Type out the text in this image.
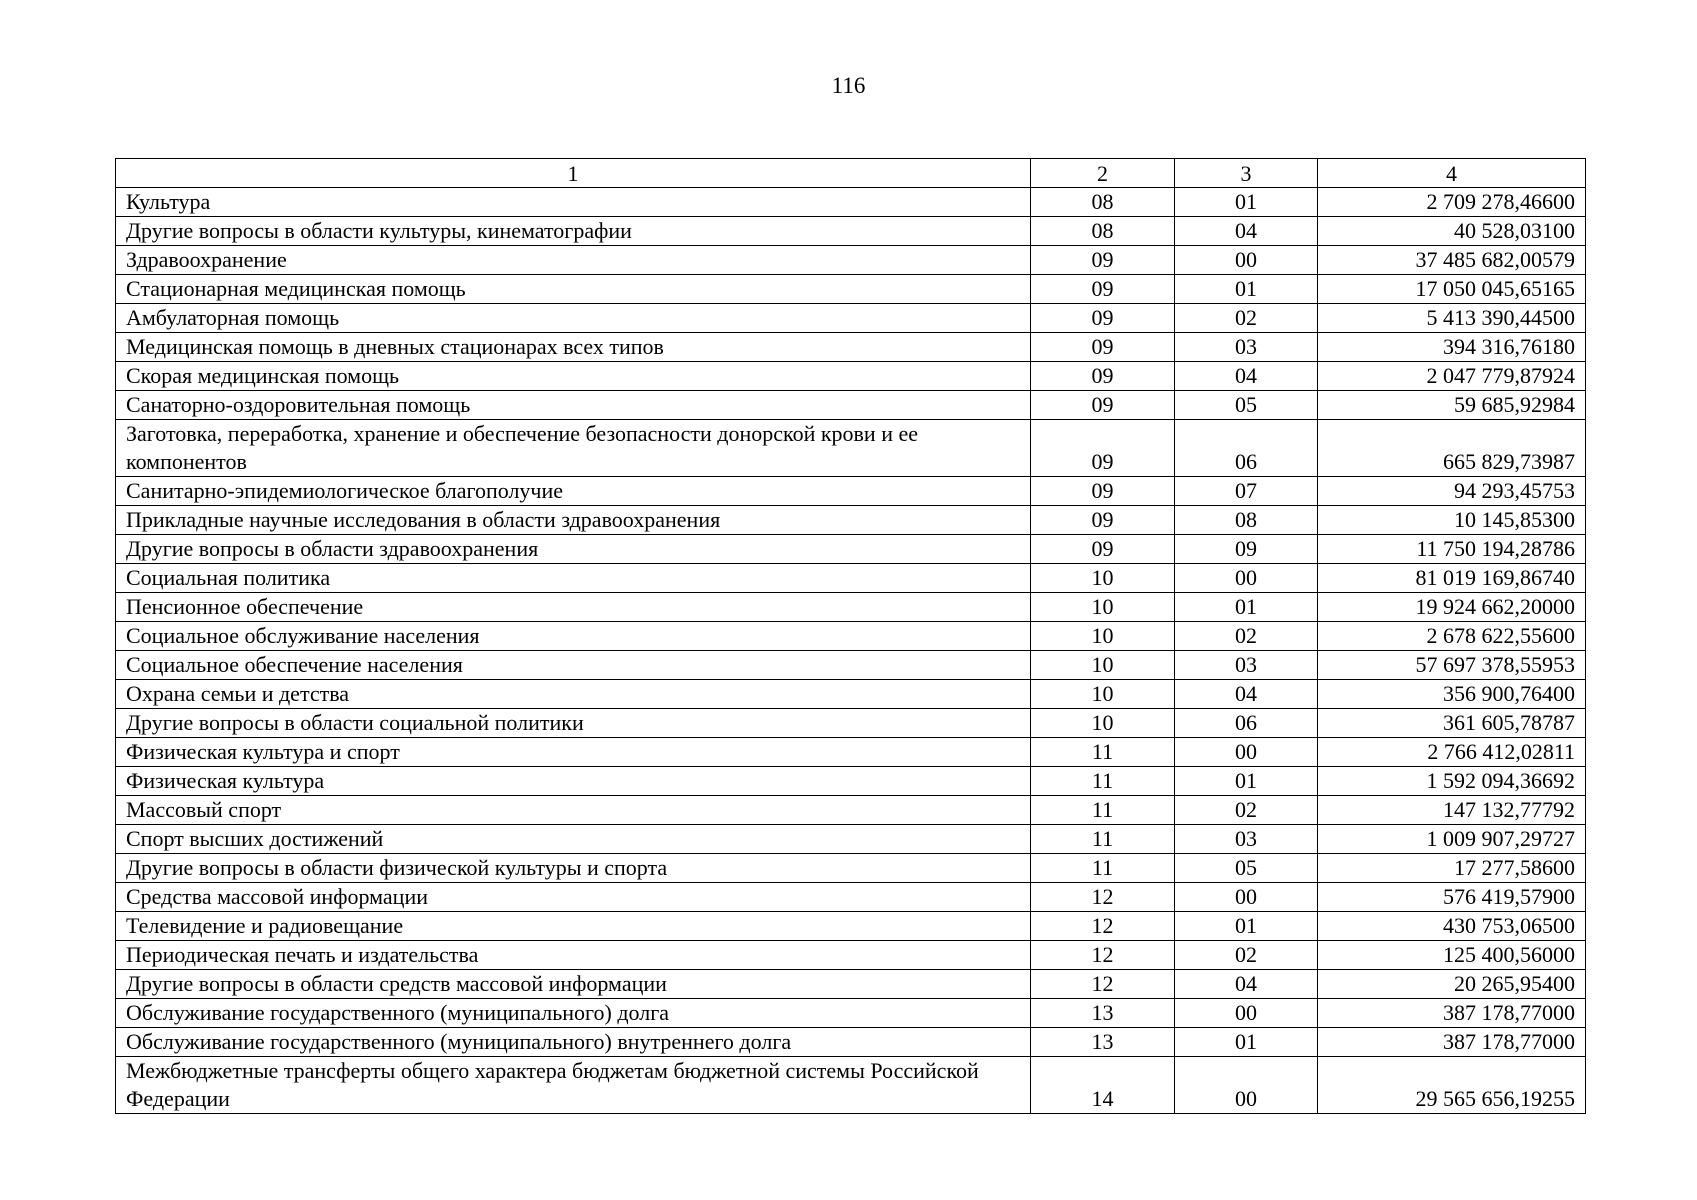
116
1	2	3	4
Культура	08	01	2 709 278,46600
Другие вопросы в области культуры, кинематографии	08	04	40 528,03100
Здравоохранение	09	00	37 485 682,00579
Стационарная медицинская помощь	09	01	17 050 045,65165
Амбулаторная помощь	09	02	5 413 390,44500
Медицинская помощь в дневных стационарах всех типов	09	03	394 316,76180
Скорая медицинская помощь	09	04	2 047 779,87924
Санаторно-оздоровительная помощь	09	05	59 685,92984
Заготовка, переработка, хранение и обеспечение безопасности донорской крови и ее компонентов	09	06	665 829,73987
Санитарно-эпидемиологическое благополучие	09	07	94 293,45753
Прикладные научные исследования в области здравоохранения	09	08	10 145,85300
Другие вопросы в области здравоохранения	09	09	11 750 194,28786
Социальная политика	10	00	81 019 169,86740
Пенсионное обеспечение	10	01	19 924 662,20000
Социальное обслуживание населения	10	02	2 678 622,55600
Социальное обеспечение населения	10	03	57 697 378,55953
Охрана семьи и детства	10	04	356 900,76400
Другие вопросы в области социальной политики	10	06	361 605,78787
Физическая культура и спорт	11	00	2 766 412,02811
Физическая культура	11	01	1 592 094,36692
Массовый спорт	11	02	147 132,77792
Спорт высших достижений	11	03	1 009 907,29727
Другие вопросы в области физической культуры и спорта	11	05	17 277,58600
Средства массовой информации	12	00	576 419,57900
Телевидение и радиовещание	12	01	430 753,06500
Периодическая печать и издательства	12	02	125 400,56000
Другие вопросы в области средств массовой информации	12	04	20 265,95400
Обслуживание государственного (муниципального) долга	13	00	387 178,77000
Обслуживание государственного (муниципального) внутреннего долга	13	01	387 178,77000
Межбюджетные трансферты общего характера бюджетам бюджетной системы Российской Федерации	14	00	29 565 656,19255
